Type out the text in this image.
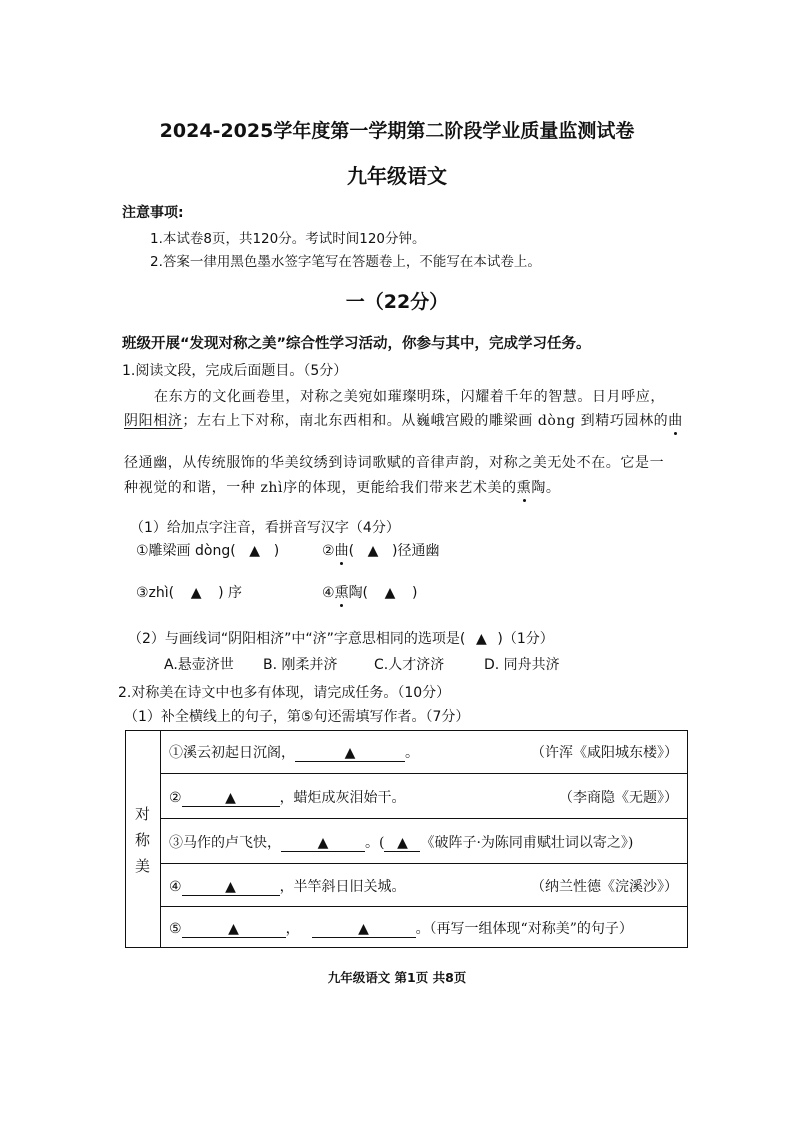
2024-2025学年度第一学期第二阶段学业质量监测试卷
九年级语文
注意事项:
1.本试卷8页，共120分。考试时间120分钟。
2.答案一律用黑色墨水签字笔写在答题卷上，不能写在本试卷上。
一（22分）
班级开展“发现对称之美”综合性学习活动，你参与其中，完成学习任务。
1.阅读文段，完成后面题目。（5分）
在东方的文化画卷里，对称之美宛如璀璨明珠，闪耀着千年的智慧。日月呼应，
阴阳相济；左右上下对称，南北东西相和。从巍峨宫殿的雕梁画 dòng 到精巧园林的曲
径通幽，从传统服饰的华美纹绣到诗词歌赋的音律声韵，对称之美无处不在。它是一
种视觉的和谐，一种 zhì序的体现，更能给我们带来艺术美的熏陶。
（1）给加点字注音，看拼音写汉字（4分）
①雕梁画 dòng( ▲ )	②曲( ▲ )径通幽
③zhì( ▲ ) 序	④熏陶( ▲ )
（2）与画线词“阴阳相济”中“济”字意思相同的选项是( ▲ )（1分）
A.悬壶济世 B. 刚柔并济	C.人才济济	D. 同舟共济
2.对称美在诗文中也多有体现，请完成任务。（10分）
（1）补全横线上的句子，第⑤句还需填写作者。（7分）
对
称
美
①溪云初起日沉阁，	▲	。	（许浑《咸阳城东楼》）
②	▲	，蜡炬成灰泪始干。	（李商隐《无题》）
③马作的卢飞快，	▲	。( ▲ 《破阵子·为陈同甫赋壮词以寄之》)
④	▲	，半竿斜日旧关城。	（纳兰性德《浣溪沙》）
⑤	▲	，	▲	。（再写一组体现“对称美”的句子）
九年级语文 第1页 共8页
